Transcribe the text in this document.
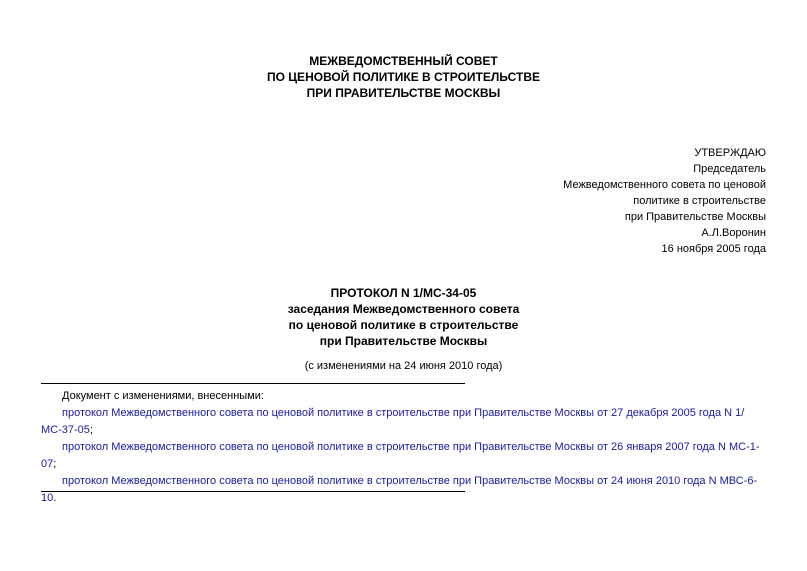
МЕЖВЕДОМСТВЕННЫЙ СОВЕТ
ПО ЦЕНОВОЙ ПОЛИТИКЕ В СТРОИТЕЛЬСТВЕ
ПРИ ПРАВИТЕЛЬСТВЕ МОСКВЫ
УТВЕРЖДАЮ
Председатель
Межведомственного совета по ценовой
политике в строительстве
при Правительстве Москвы
А.Л.Воронин
16 ноября 2005 года
ПРОТОКОЛ N 1/МС-34-05
заседания Межведомственного совета
по ценовой политике в строительстве
при Правительстве Москвы
(с изменениями на 24 июня 2010 года)

Документ с изменениями, внесенными:

протокол Межведомственного совета по ценовой политике в строительстве при Правительстве Москвы от 27 декабря 2005 года N 1/МС-37-05;

протокол Межведомственного совета по ценовой политике в строительстве при Правительстве Москвы от 26 января 2007 года N МС-1-07;

протокол Межведомственного совета по ценовой политике в строительстве при Правительстве Москвы от 24 июня 2010 года N МВС-6-10.
